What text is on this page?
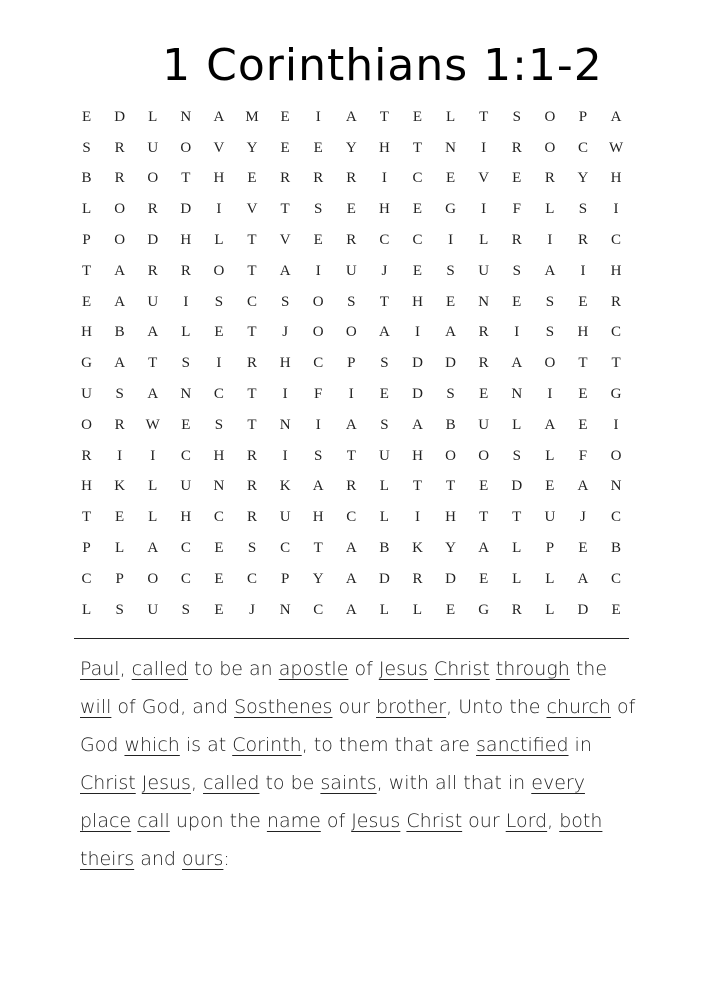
1 Corinthians 1:1-2
E	D	L	N	A	M	E	I	A	T	E	L	T	S	O	P	A
S	R	U	O	V	Y	E	E	Y	H	T	N	I	R	O	C	W
B	R	O	T	H	E	R	R	R	I	C	E	V	E	R	Y	H
L	O	R	D	I	V	T	S	E	H	E	G	I	F	L	S	I
P	O	D	H	L	T	V	E	R	C	C	I	L	R	I	R	C
T	A	R	R	O	T	A	I	U	J	E	S	U	S	A	I	H
E	A	U	I	S	C	S	O	S	T	H	E	N	E	S	E	R
H	B	A	L	E	T	J	O	O	A	I	A	R	I	S	H	C
G	A	T	S	I	R	H	C	P	S	D	D	R	A	O	T	T
U	S	A	N	C	T	I	F	I	E	D	S	E	N	I	E	G
O	R	W	E	S	T	N	I	A	S	A	B	U	L	A	E	I
R	I	I	C	H	R	I	S	T	U	H	O	O	S	L	F	O
H	K	L	U	N	R	K	A	R	L	T	T	E	D	E	A	N
T	E	L	H	C	R	U	H	C	L	I	H	T	T	U	J	C
P	L	A	C	E	S	C	T	A	B	K	Y	A	L	P	E	B
C	P	O	C	E	C	P	Y	A	D	R	D	E	L	L	A	C
L	S	U	S	E	J	N	C	A	L	L	E	G	R	L	D	E
Paul, called to be an apostle of Jesus Christ through the will of God, and Sosthenes our brother, Unto the church of God which is at Corinth, to them that are sanctified in Christ Jesus, called to be saints, with all that in every place call upon the name of Jesus Christ our Lord, both theirs and ours:
